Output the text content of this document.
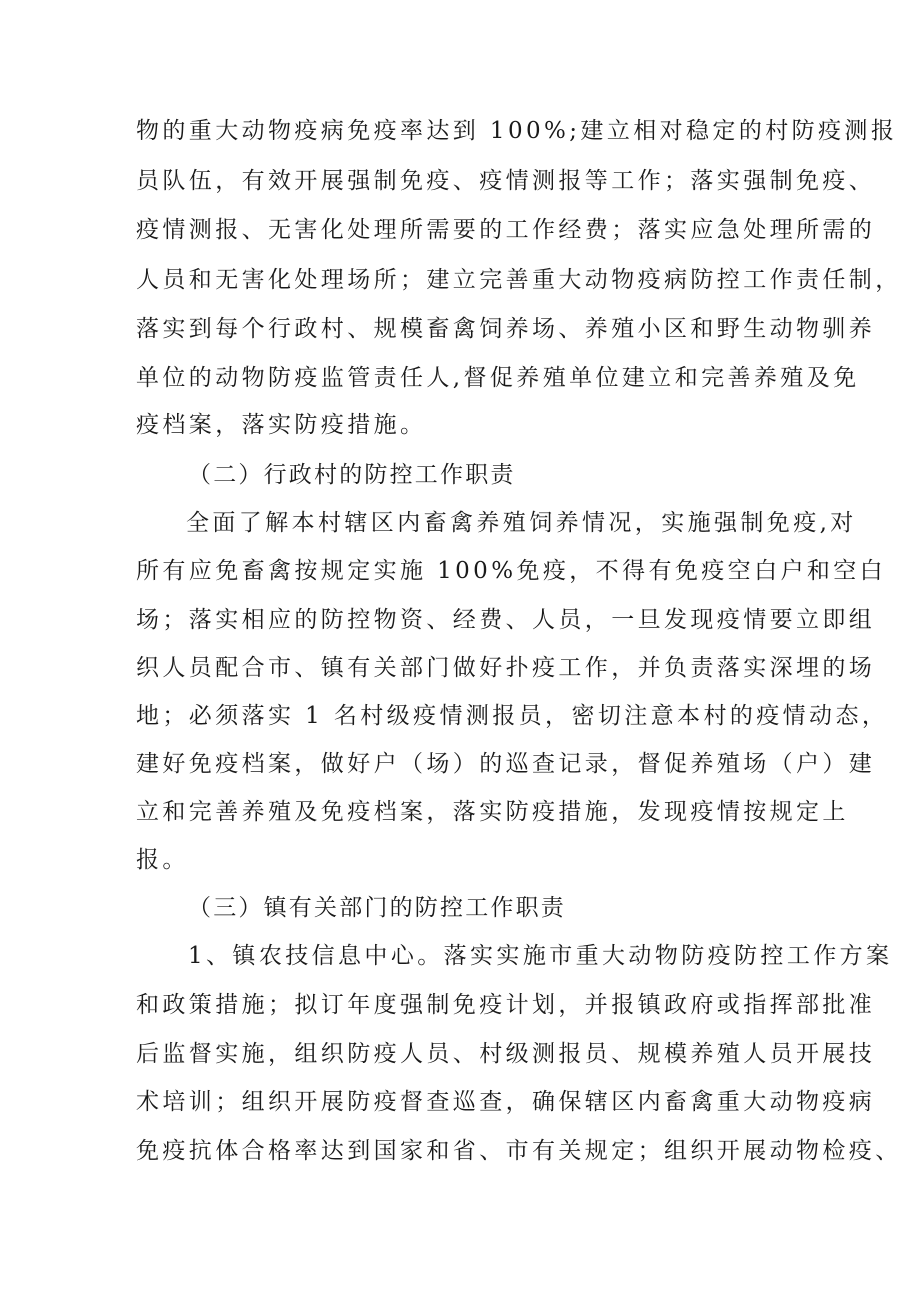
物的重大动物疫病免疫率达到 100%;建立相对稳定的村防疫测报
员队伍，有效开展强制免疫、疫情测报等工作；落实强制免疫、
疫情测报、无害化处理所需要的工作经费；落实应急处理所需的
人员和无害化处理场所；建立完善重大动物疫病防控工作责任制，
落实到每个行政村、规模畜禽饲养场、养殖小区和野生动物驯养
单位的动物防疫监管责任人,督促养殖单位建立和完善养殖及免
疫档案，落实防疫措施。
（二）行政村的防控工作职责
全面了解本村辖区内畜禽养殖饲养情况，实施强制免疫,对
所有应免畜禽按规定实施 100%免疫，不得有免疫空白户和空白
场；落实相应的防控物资、经费、人员，一旦发现疫情要立即组
织人员配合市、镇有关部门做好扑疫工作，并负责落实深埋的场
地；必须落实 1 名村级疫情测报员，密切注意本村的疫情动态，
建好免疫档案，做好户（场）的巡查记录，督促养殖场（户）建
立和完善养殖及免疫档案，落实防疫措施，发现疫情按规定上
报。
（三）镇有关部门的防控工作职责
1、镇农技信息中心。落实实施市重大动物防疫防控工作方案
和政策措施；拟订年度强制免疫计划，并报镇政府或指挥部批准
后监督实施，组织防疫人员、村级测报员、规模养殖人员开展技
术培训；组织开展防疫督查巡查，确保辖区内畜禽重大动物疫病
免疫抗体合格率达到国家和省、市有关规定；组织开展动物检疫、
